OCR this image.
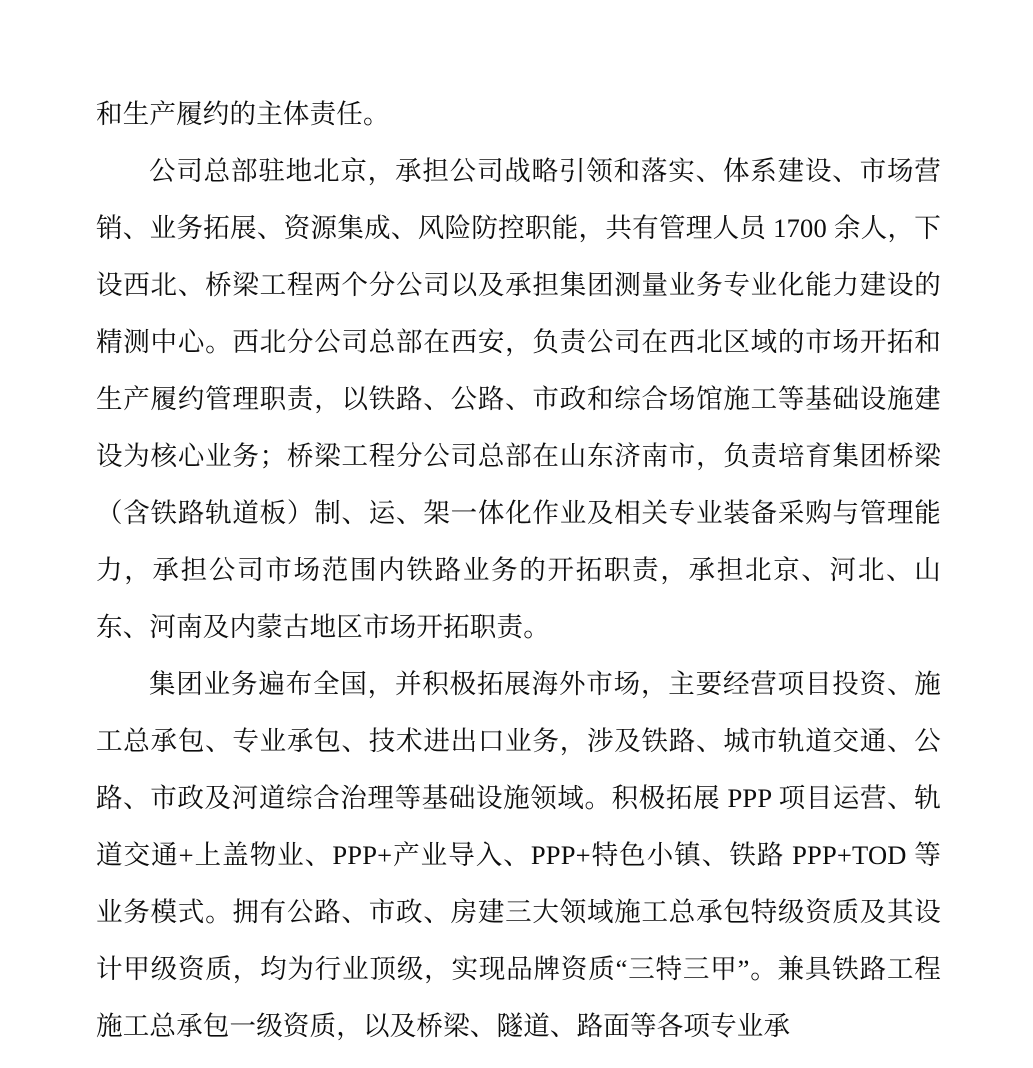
和生产履约的主体责任。

公司总部驻地北京，承担公司战略引领和落实、体系建设、市场营销、业务拓展、资源集成、风险防控职能，共有管理人员 1700 余人，下设西北、桥梁工程两个分公司以及承担集团测量业务专业化能力建设的精测中心。西北分公司总部在西安，负责公司在西北区域的市场开拓和生产履约管理职责，以铁路、公路、市政和综合场馆施工等基础设施建设为核心业务；桥梁工程分公司总部在山东济南市，负责培育集团桥梁（含铁路轨道板）制、运、架一体化作业及相关专业装备采购与管理能力，承担公司市场范围内铁路业务的开拓职责，承担北京、河北、山东、河南及内蒙古地区市场开拓职责。

集团业务遍布全国，并积极拓展海外市场，主要经营项目投资、施工总承包、专业承包、技术进出口业务，涉及铁路、城市轨道交通、公路、市政及河道综合治理等基础设施领域。积极拓展 PPP 项目运营、轨道交通+上盖物业、PPP+产业导入、PPP+特色小镇、铁路 PPP+TOD 等业务模式。拥有公路、市政、房建三大领域施工总承包特级资质及其设计甲级资质，均为行业顶级，实现品牌资质“三特三甲”。兼具铁路工程施工总承包一级资质，以及桥梁、隧道、路面等各项专业承
